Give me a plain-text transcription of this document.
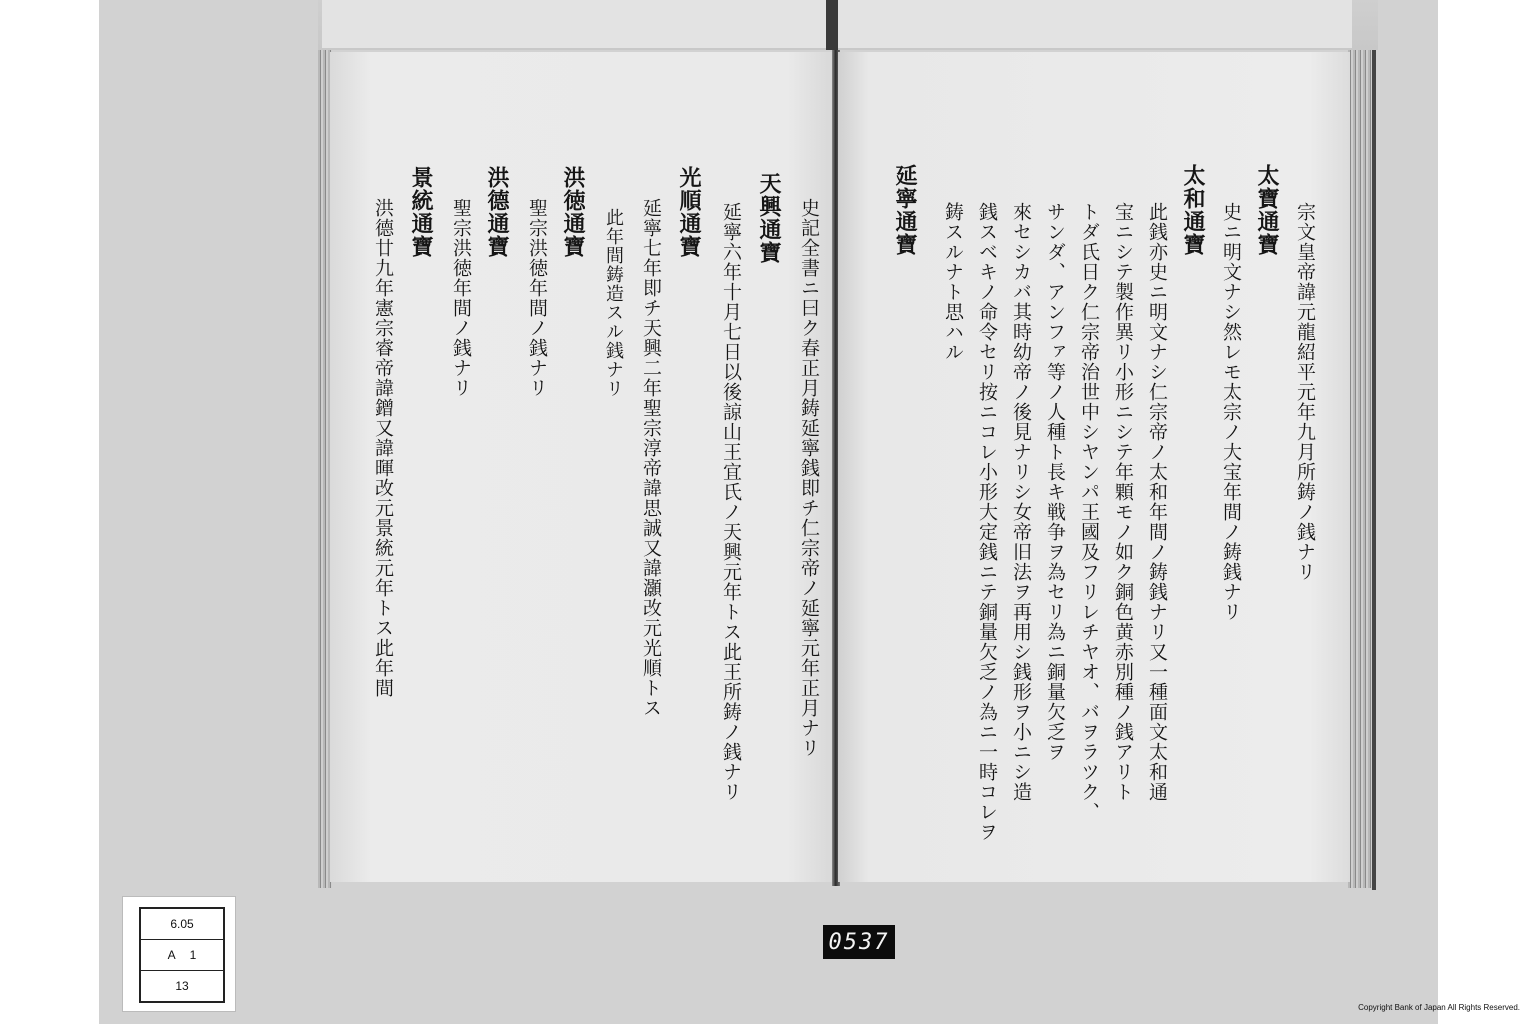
史記全書ニ曰ク春正月鋳延寧銭即チ仁宗帝ノ延寧元年正月ナリ
天興通寶
延寧六年十月七日以後諒山王宜氏ノ天興元年トス此王所鋳ノ銭ナリ
光順通寶
延寧七年即チ天興二年聖宗淳帝諱思誠又諱灝改元光順トス
此年間鋳造スル銭ナリ
洪徳通寶
聖宗洪徳年間ノ銭ナリ
洪德通寶
聖宗洪徳年間ノ銭ナリ
景統通寶
洪德廿九年憲宗睿帝諱鏳又諱暉改元景統元年トス此年間	宗文皇帝諱元龍紹平元年九月所鋳ノ銭ナリ
太寶通寶
史ニ明文ナシ然レモ太宗ノ大宝年間ノ鋳銭ナリ
太和通寶
此銭亦史ニ明文ナシ仁宗帝ノ太和年間ノ鋳銭ナリ又一種面文太和通
宝ニシテ製作異リ小形ニシテ年顆モノ如ク銅色黄赤別種ノ銭アリト
トダ氏日ク仁宗帝治世中シヤンパ王國及フリレチヤオ、バヲラツク、
サンダ、アンファ等ノ人種ト長キ戦争ヲ為セリ為ニ銅量欠乏ヲ
來セシカバ其時幼帝ノ後見ナリシ女帝旧法ヲ再用シ銭形ヲ小ニシ造
銭スベキノ命令セリ按ニコレ小形大定銭ニテ銅量欠乏ノ為ニ一時コレヲ
鋳スルナト思ハル
延寧通寶
6.05
A 1
13
0537
Copyright Bank of Japan All Rights Reserved.
